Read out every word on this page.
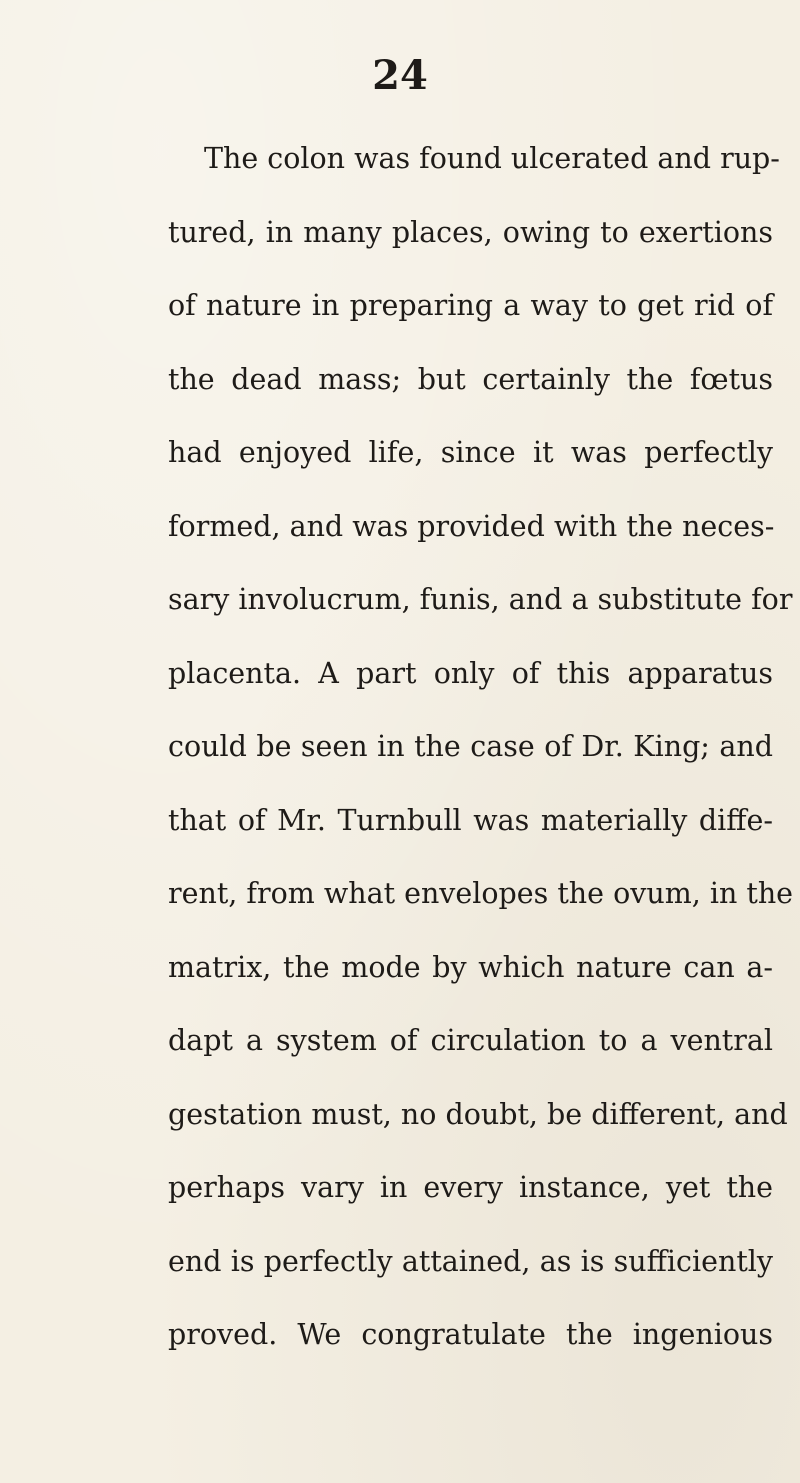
24
The colon was found ulcerated and rup-
tured, in many places, owing to exertions
of nature in preparing a way to get rid of
the dead mass; but certainly the fœtus
had enjoyed life, since it was perfectly
formed, and was provided with the neces-
sary involucrum, funis, and a substitute for
placenta. A part only of this apparatus
could be seen in the case of Dr. King; and
that of Mr. Turnbull was materially diffe-
rent, from what envelopes the ovum, in the
matrix, the mode by which nature can a-
dapt a system of circulation to a ventral
gestation must, no doubt, be different, and
perhaps vary in every instance, yet the
end is perfectly attained, as is sufficiently
proved. We congratulate the ingenious
